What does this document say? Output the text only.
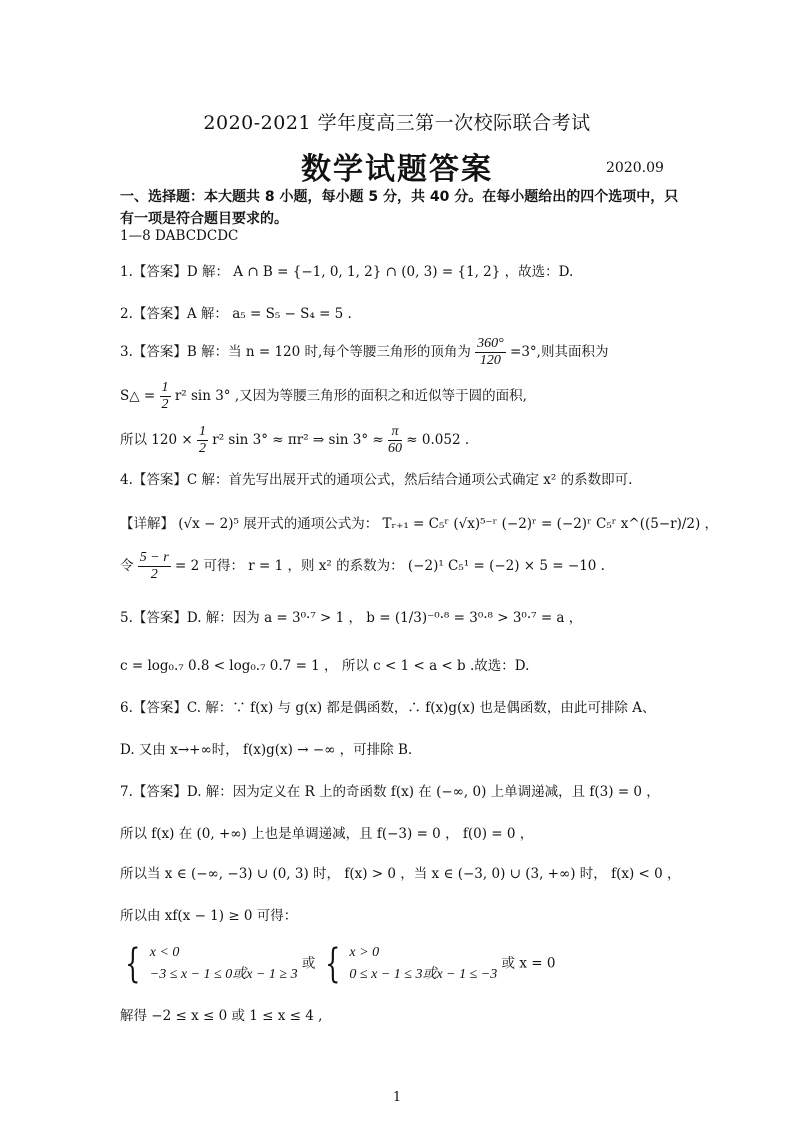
2020-2021 学年度高三第一次校际联合考试
数学试题答案	2020.09
一、选择题：本大题共 8 小题，每小题 5 分，共 40 分。在每小题给出的四个选项中，只有一项是符合题目要求的。
1—8 DABCDCDC
1.【答案】D 解： A ∩ B = {−1, 0, 1, 2} ∩ (0, 3) = {1, 2} ，故选：D.
2.【答案】A 解： a₅ = S₅ − S₄ = 5 .
3.【答案】B 解：当 n = 120 时,每个等腰三角形的顶角为 $\frac{360^\circ}{120} =3^\circ$,则其面积为
S△ = $\frac{1}{2} r^2$ sin 3° ,又因为等腰三角形的面积之和近似等于圆的面积,
所以 $120 \times \frac{1}{2} r^2$ sin 3° ≈ πr² ⇒ $\sin 3^\circ \approx \frac{\pi}{60} \approx 0.052$ .
4.【答案】C 解：首先写出展开式的通项公式，然后结合通项公式确定 x² 的系数即可.
【详解】 (√x − 2)⁵ 展开式的通项公式为： Tᵣ₊₁ = C₅ʳ (√x)⁵⁻ʳ (−2)ʳ = (−2)ʳ C₅ʳ x^((5−r)/2) ，
令 $\frac{5 - r}{2} = 2$ 可得： r = 1 ，则 x² 的系数为： (−2)¹ C₅¹ = (−2) × 5 = −10 .
5.【答案】D. 解：因为 a = 3⁰·⁷ > 1 ， b = (1/3)⁻⁰·⁸ = 3⁰·⁸ > 3⁰·⁷ = a ，
c = log₀.₇ 0.8 < log₀.₇ 0.7 = 1 ， 所以 c < 1 < a < b .故选：D.
6.【答案】C. 解：∵ f(x) 与 g(x) 都是偶函数，∴ f(x)g(x) 也是偶函数，由此可排除 A、
D. 又由 x→+∞时， f(x)g(x) → −∞ ，可排除 B.
7.【答案】D. 解：因为定义在 R 上的奇函数 f(x) 在 (−∞, 0) 上单调递减，且 f(3) = 0 ，
所以 f(x) 在 (0, +∞) 上也是单调递减，且 f(−3) = 0 ， f(0) = 0 ，
所以当 x ∈ (−∞, −3) ∪ (0, 3) 时， f(x) > 0 ，当 x ∈ (−3, 0) ∪ (3, +∞) 时， f(x) < 0 ，
所以由 xf(x − 1) ≥ 0 可得：
{ x < 0
−3 ≤ x − 1 ≤ 0或x − 1 ≥ 3
或 { x > 0
0 ≤ x − 1 ≤ 3或x − 1 ≤ −3
或 x = 0
解得 −2 ≤ x ≤ 0 或 1 ≤ x ≤ 4 ,
1
